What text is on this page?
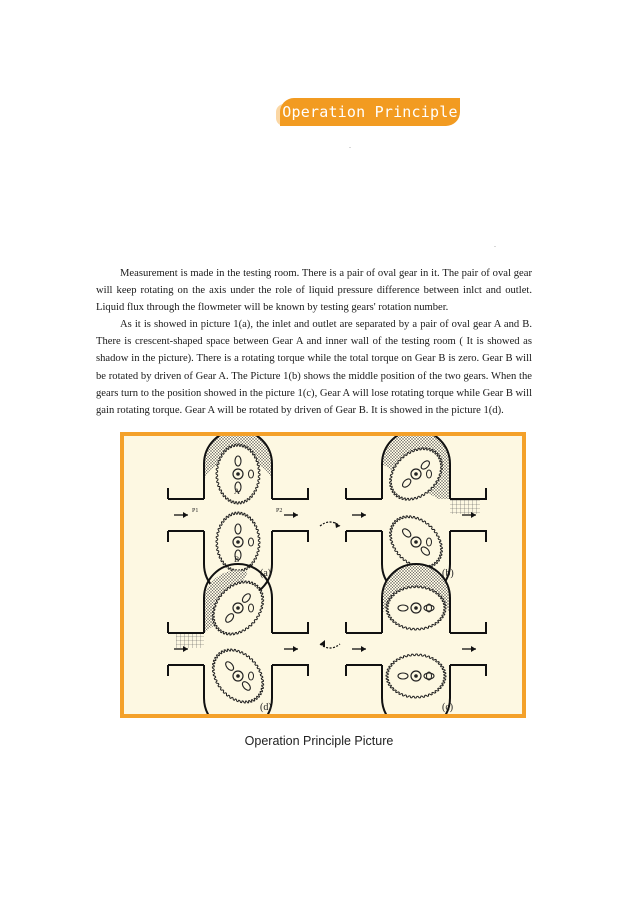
Operation Principle

Measurement is made in the testing room. There is a pair of oval gear in it. The pair of oval gear will keep rotating on the axis under the role of liquid pressure difference between inlct and outlet. Liquid flux through the flowmeter will be known by testing gears' rotation number.

As it is showed in picture 1(a), the inlet and outlet are separated by a pair of oval gear A and B. There is crescent-shaped space between Gear A and inner wall of the testing room ( It is showed as shadow in the picture). There is a rotating torque while the total torque on Gear B is zero. Gear B will be rotated by driven of Gear A. The Picture 1(b) shows the middle position of the two gears. When the gears turn to the position showed in the picture 1(c), Gear A will lose rotating torque while Gear B will gain rotating torque. Gear A will be rotated by driven of Gear B. It is showed in the picture 1(d).

A
B
(a)
P1	P2
(b)
(d)	(c)
Operation Principle Picture
